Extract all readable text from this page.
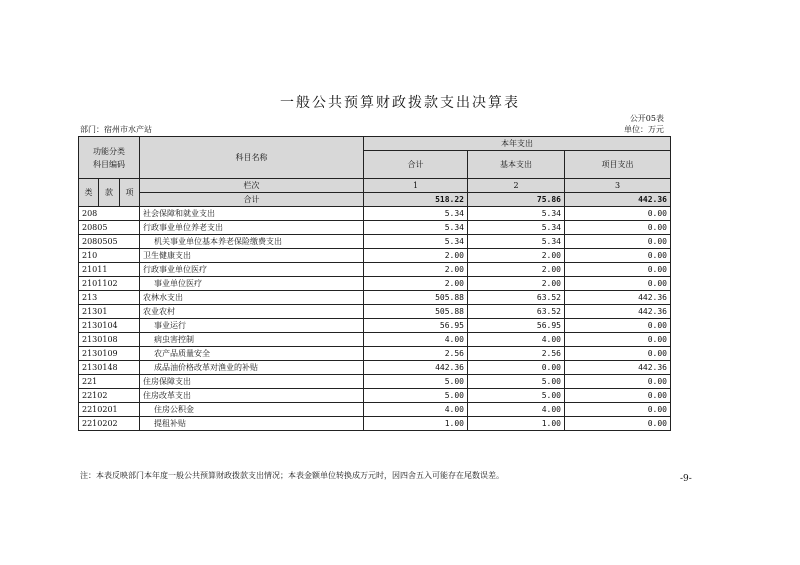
一般公共预算财政拨款支出决算表
公开05表
部门：宿州市水产站	单位：万元
功能分类
科目编码			科目名称	本年支出		
				合计	基本支出	项目支出

类	款	项	栏次	1	2	3
			合计	518.22	75.86	442.36
208			社会保障和就业支出	5.34	5.34	0.00
20805			行政事业单位养老支出	5.34	5.34	0.00
2080505			机关事业单位基本养老保险缴费支出	5.34	5.34	0.00
210			卫生健康支出	2.00	2.00	0.00
21011			行政事业单位医疗	2.00	2.00	0.00
2101102			事业单位医疗	2.00	2.00	0.00
213			农林水支出	505.88	63.52	442.36
21301			农业农村	505.88	63.52	442.36
2130104			事业运行	56.95	56.95	0.00
2130108			病虫害控制	4.00	4.00	0.00
2130109			农产品质量安全	2.56	2.56	0.00
2130148			成品油价格改革对渔业的补贴	442.36	0.00	442.36
221			住房保障支出	5.00	5.00	0.00
22102			住房改革支出	5.00	5.00	0.00
2210201			住房公积金	4.00	4.00	0.00
2210202			提租补贴	1.00	1.00	0.00
注：本表反映部门本年度一般公共预算财政拨款支出情况；本表金额单位转换成万元时，因四舍五入可能存在尾数误差。	-9-
